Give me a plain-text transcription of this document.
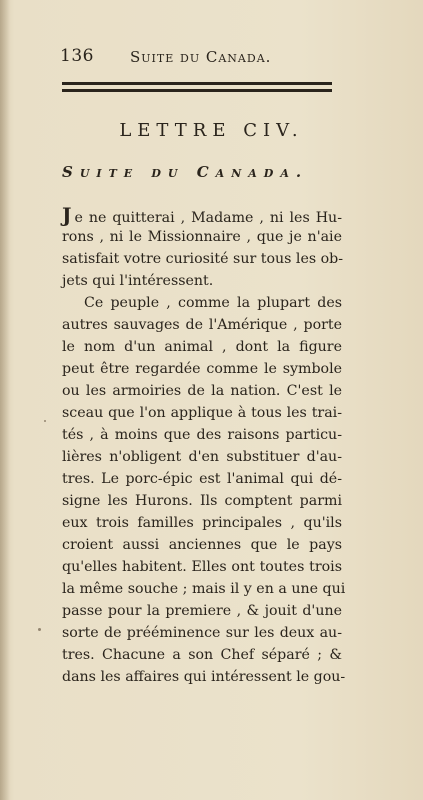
136 Suite du Canada.
LETTRE CIV.
Suite du Canada.
J e ne quitterai , Madame , ni les Hu-
rons , ni le Missionnaire , que je n'aie
satisfait votre curiosité sur tous les ob-
jets qui l'intéressent.
Ce peuple , comme la plupart des
autres sauvages de l'Amérique , porte
le nom d'un animal , dont la figure
peut être regardée comme le symbole
ou les armoiries de la nation. C'est le
sceau que l'on applique à tous les trai-
tés , à moins que des raisons particu-
lières n'obligent d'en substituer d'au-
tres. Le porc-épic est l'animal qui dé-
signe les Hurons. Ils comptent parmi
eux trois familles principales , qu'ils
croient aussi anciennes que le pays
qu'elles habitent. Elles ont toutes trois
la même souche ; mais il y en a une qui
passe pour la premiere , & jouit d'une
sorte de prééminence sur les deux au-
tres. Chacune a son Chef séparé ; &
dans les affaires qui intéressent le gou-
